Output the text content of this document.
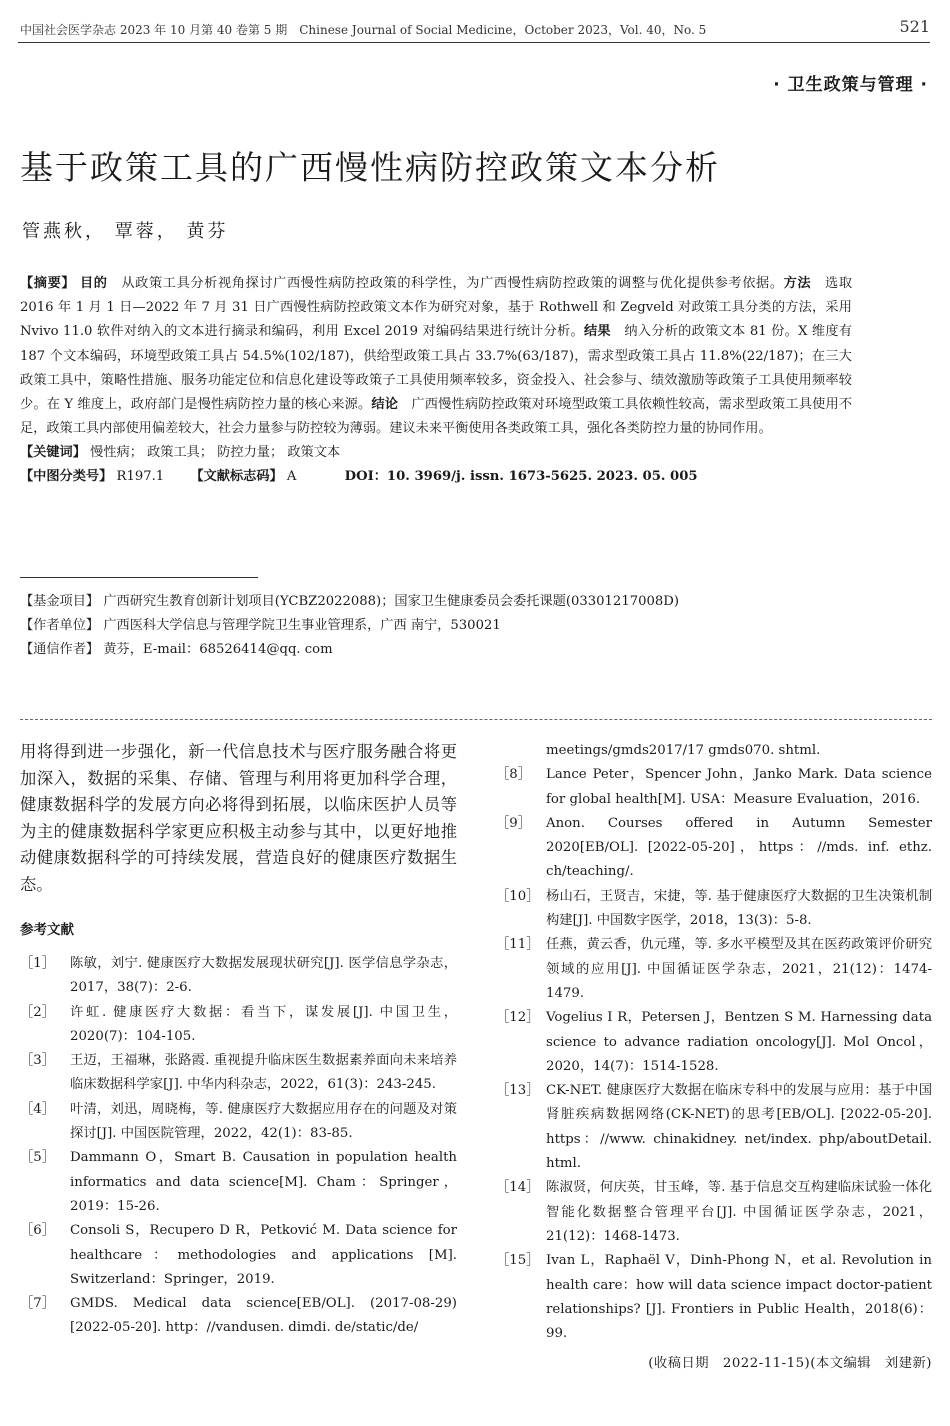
中国社会医学杂志 2023 年 10 月第 40 卷第 5 期　Chinese Journal of Social Medicine，October 2023，Vol. 40，No. 5	521
· 卫生政策与管理 ·
基于政策工具的广西慢性病防控政策文本分析
管燕秋， 覃蓉， 黄芬
【摘要】 目的　 从政策工具分析视角探讨广西慢性病防控政策的科学性，为广西慢性病防控政策的调整与优化提供参考依据。方法　 选取 2016 年 1 月 1 日—2022 年 7 月 31 日广西慢性病防控政策文本作为研究对象，基于 Rothwell 和 Zegveld 对政策工具分类的方法，采用 Nvivo 11.0 软件对纳入的文本进行摘录和编码，利用 Excel 2019 对编码结果进行统计分析。结果　 纳入分析的政策文本 81 份。X 维度有 187 个文本编码，环境型政策工具占 54.5%(102/187)，供给型政策工具占 33.7%(63/187)，需求型政策工具占 11.8%(22/187)；在三大政策工具中，策略性措施、服务功能定位和信息化建设等政策子工具使用频率较多，资金投入、社会参与、绩效激励等政策子工具使用频率较少。在 Y 维度上，政府部门是慢性病防控力量的核心来源。结论　 广西慢性病防控政策对环境型政策工具依赖性较高，需求型政策工具使用不足，政策工具内部使用偏差较大，社会力量参与防控较为薄弱。建议未来平衡使用各类政策工具，强化各类防控力量的协同作用。
【关键词】 慢性病； 政策工具； 防控力量； 政策文本
【中图分类号】 R197.1 【文献标志码】 A	DOI：10. 3969/j. issn. 1673-5625. 2023. 05. 005
【基金项目】 广西研究生教育创新计划项目(YCBZ2022088)；国家卫生健康委员会委托课题(03301217008D)
【作者单位】 广西医科大学信息与管理学院卫生事业管理系，广西 南宁，530021
【通信作者】 黄芬，E-mail：68526414@qq. com

用将得到进一步强化，新一代信息技术与医疗服务融合将更加深入，数据的采集、存储、管理与利用将更加科学合理，健康数据科学的发展方向必将得到拓展，以临床医护人员等为主的健康数据科学家更应积极主动参与其中，以更好地推动健康数据科学的可持续发展，营造良好的健康医疗数据生态。

参考文献
［1］	陈敏，刘宁. 健康医疗大数据发展现状研究[J]. 医学信息学杂志，2017，38(7)：2-6.
［2］	许虹. 健康医疗大数据：看当下，谋发展[J]. 中国卫生，2020(7)：104-105.
［3］	王迈，王福琳，张路霞. 重视提升临床医生数据素养面向未来培养临床数据科学家[J]. 中华内科杂志，2022，61(3)：243-245.
［4］	叶清，刘迅，周晓梅，等. 健康医疗大数据应用存在的问题及对策探讨[J]. 中国医院管理，2022，42(1)：83-85.
［5］	Dammann O，Smart B. Causation in population health informatics and data science[M]. Cham：Springer，2019：15-26.
［6］	Consoli S，Recupero D R，Petković M. Data science for healthcare：methodologies and applications [M]. Switzerland：Springer，2019.
［7］	GMDS. Medical data science[EB/OL]. (2017-08-29)[2022-05-20]. http：//vandusen. dimdi. de/static/de/
meetings/gmds2017/17 gmds070. shtml.
［8］	Lance Peter，Spencer John，Janko Mark. Data science for global health[M]. USA：Measure Evaluation，2016.
［9］	Anon. Courses offered in Autumn Semester 2020[EB/OL]. [2022-05-20]，https：//mds. inf. ethz. ch/teaching/.
［10］ 杨山石，王贤吉，宋捷，等. 基于健康医疗大数据的卫生决策机制构建[J]. 中国数字医学，2018，13(3)：5-8.
［11］ 任燕，黄云香，仇元瑾，等. 多水平模型及其在医药政策评价研究领域的应用[J]. 中国循证医学杂志，2021，21(12)：1474-1479.
［12］ Vogelius I R，Petersen J，Bentzen S M. Harnessing data science to advance radiation oncology[J]. Mol Oncol，2020，14(7)：1514-1528.
［13］ CK-NET. 健康医疗大数据在临床专科中的发展与应用：基于中国肾脏疾病数据网络(CK-NET)的思考[EB/OL]. [2022-05-20]. https：//www. chinakidney. net/index. php/aboutDetail. html.
［14］ 陈淑贤，何庆英，甘玉峰，等. 基于信息交互构建临床试验一体化智能化数据整合管理平台[J]. 中国循证医学杂志，2021，21(12)：1468-1473.
［15］ Ivan L，Raphaël V，Dinh-Phong N，et al. Revolution in health care：how will data science impact doctor-patient relationships? [J]. Frontiers in Public Health，2018(6)：99.
(收稿日期　2022-11-15)(本文编辑　刘建新)
